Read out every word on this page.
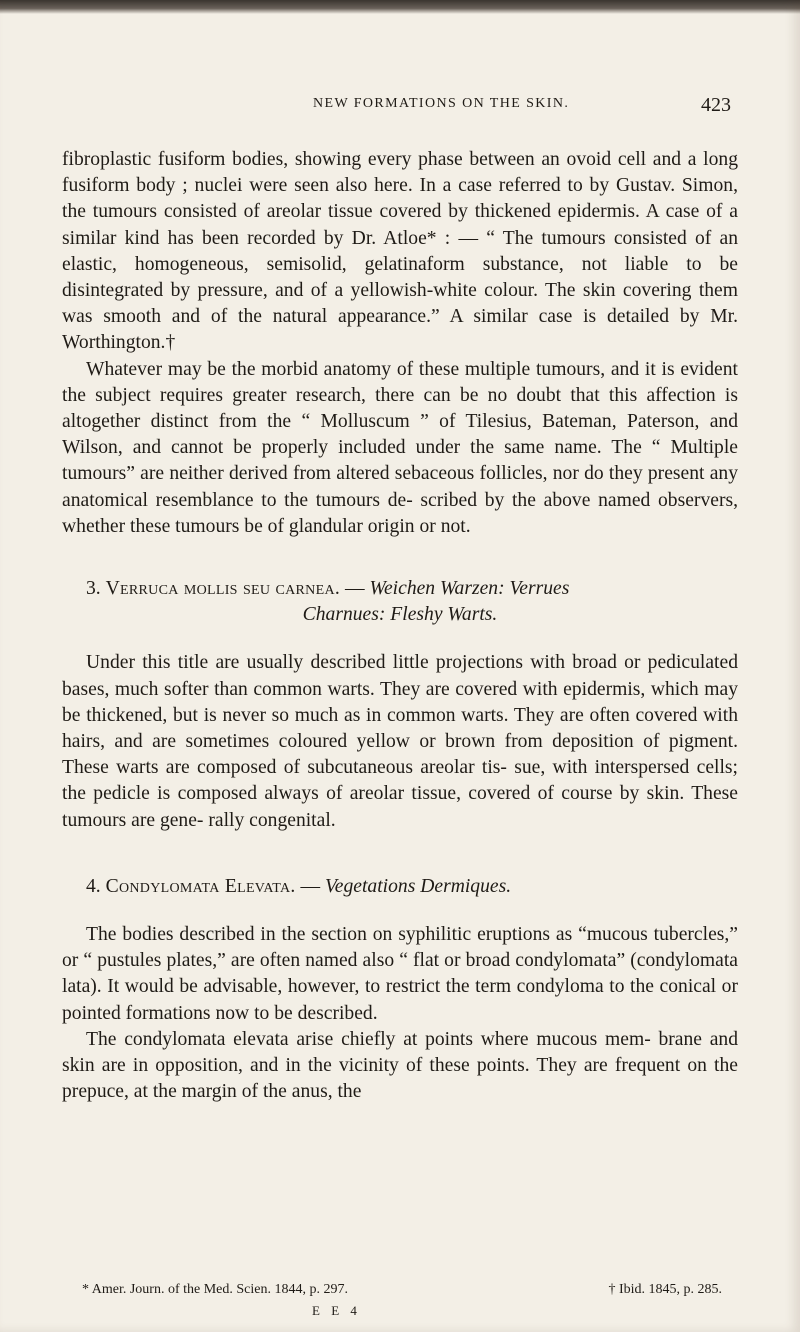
NEW FORMATIONS ON THE SKIN.	423

fibroplastic fusiform bodies, showing every phase between an ovoid cell and a long fusiform body ; nuclei were seen also here. In a case referred to by Gustav. Simon, the tumours consisted of areolar tissue covered by thickened epidermis. A case of a similar kind has been recorded by Dr. Atloe* : — “ The tumours consisted of an elastic, homogeneous, semisolid, gelatinaform substance, not liable to be disintegrated by pressure, and of a yellowish-white colour. The skin covering them was smooth and of the natural appearance.” A similar case is detailed by Mr. Worthington.†

Whatever may be the morbid anatomy of these multiple tumours, and it is evident the subject requires greater research, there can be no doubt that this affection is altogether distinct from the “ Molluscum ” of Tilesius, Bateman, Paterson, and Wilson, and cannot be properly included under the same name. The “ Multiple tumours” are neither derived from altered sebaceous follicles, nor do they present any anatomical resemblance to the tumours de- scribed by the above named observers, whether these tumours be of glandular origin or not.

3. Verruca mollis seu carnea. — Weichen Warzen: Verrues

Charnues: Fleshy Warts.

Under this title are usually described little projections with broad or pediculated bases, much softer than common warts. They are covered with epidermis, which may be thickened, but is never so much as in common warts. They are often covered with hairs, and are sometimes coloured yellow or brown from deposition of pigment. These warts are composed of subcutaneous areolar tis- sue, with interspersed cells; the pedicle is composed always of areolar tissue, covered of course by skin. These tumours are gene- rally congenital.

4. Condylomata Elevata. — Vegetations Dermiques.

The bodies described in the section on syphilitic eruptions as “mucous tubercles,” or “ pustules plates,” are often named also “ flat or broad condylomata” (condylomata lata). It would be advisable, however, to restrict the term condyloma to the conical or pointed formations now to be described.

The condylomata elevata arise chiefly at points where mucous mem- brane and skin are in opposition, and in the vicinity of these points. They are frequent on the prepuce, at the margin of the anus, the

* Amer. Journ. of the Med. Scien. 1844, p. 297.	† Ibid. 1845, p. 285.
E E 4
